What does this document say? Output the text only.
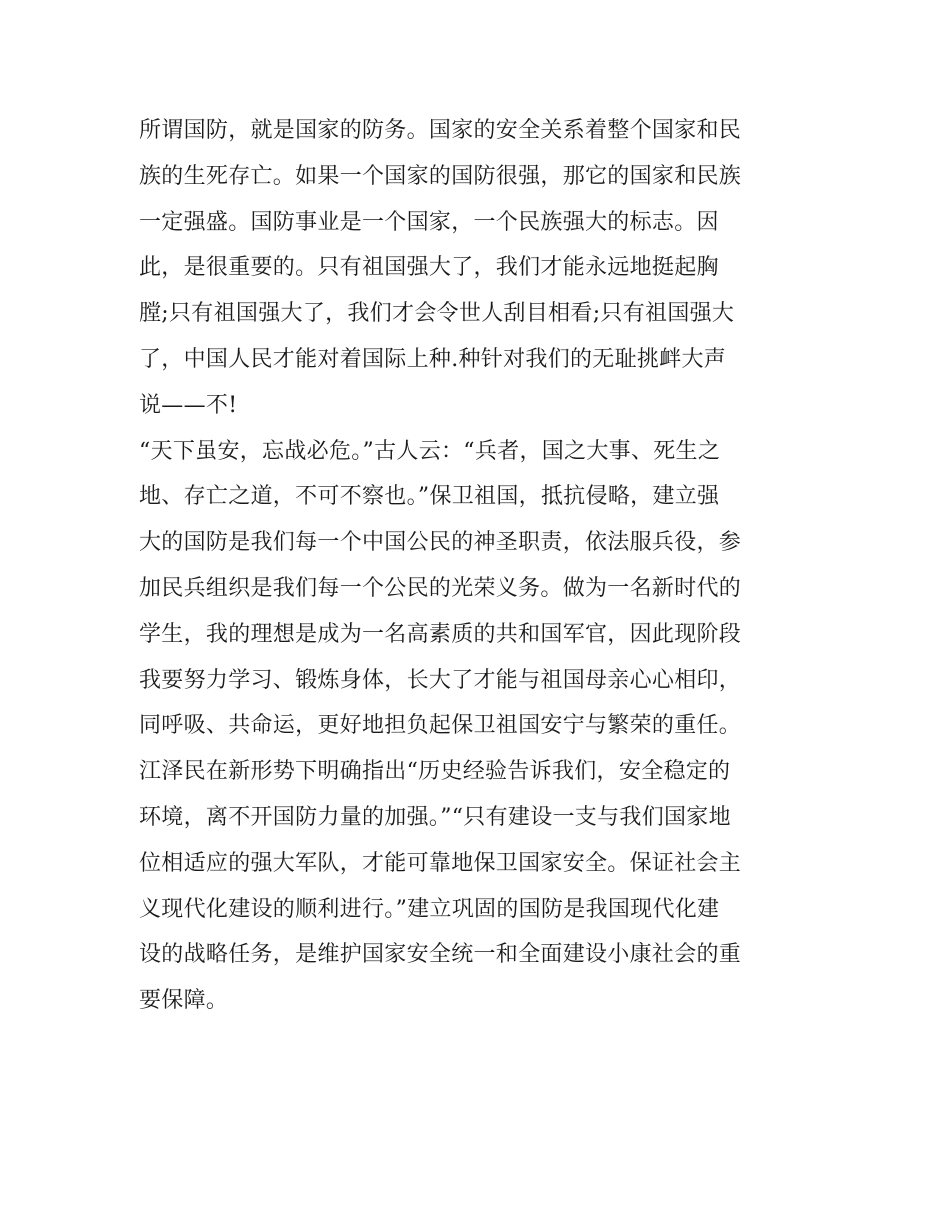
所谓国防，就是国家的防务。国家的安全关系着整个国家和民
族的生死存亡。如果一个国家的国防很强，那它的国家和民族
一定强盛。国防事业是一个国家，一个民族强大的标志。因
此，是很重要的。只有祖国强大了，我们才能永远地挺起胸
膛;只有祖国强大了，我们才会令世人刮目相看;只有祖国强大
了，中国人民才能对着国际上种.种针对我们的无耻挑衅大声
说——不!
“天下虽安，忘战必危。”古人云：“兵者，国之大事、死生之
地、存亡之道，不可不察也。”保卫祖国，抵抗侵略，建立强
大的国防是我们每一个中国公民的神圣职责，依法服兵役，参
加民兵组织是我们每一个公民的光荣义务。做为一名新时代的
学生，我的理想是成为一名高素质的共和国军官，因此现阶段
我要努力学习、锻炼身体，长大了才能与祖国母亲心心相印，
同呼吸、共命运，更好地担负起保卫祖国安宁与繁荣的重任。
江泽民在新形势下明确指出“历史经验告诉我们，安全稳定的
环境，离不开国防力量的加强。”“只有建设一支与我们国家地
位相适应的强大军队，才能可靠地保卫国家安全。保证社会主
义现代化建设的顺利进行。”建立巩固的国防是我国现代化建
设的战略任务，是维护国家安全统一和全面建设小康社会的重
要保障。
